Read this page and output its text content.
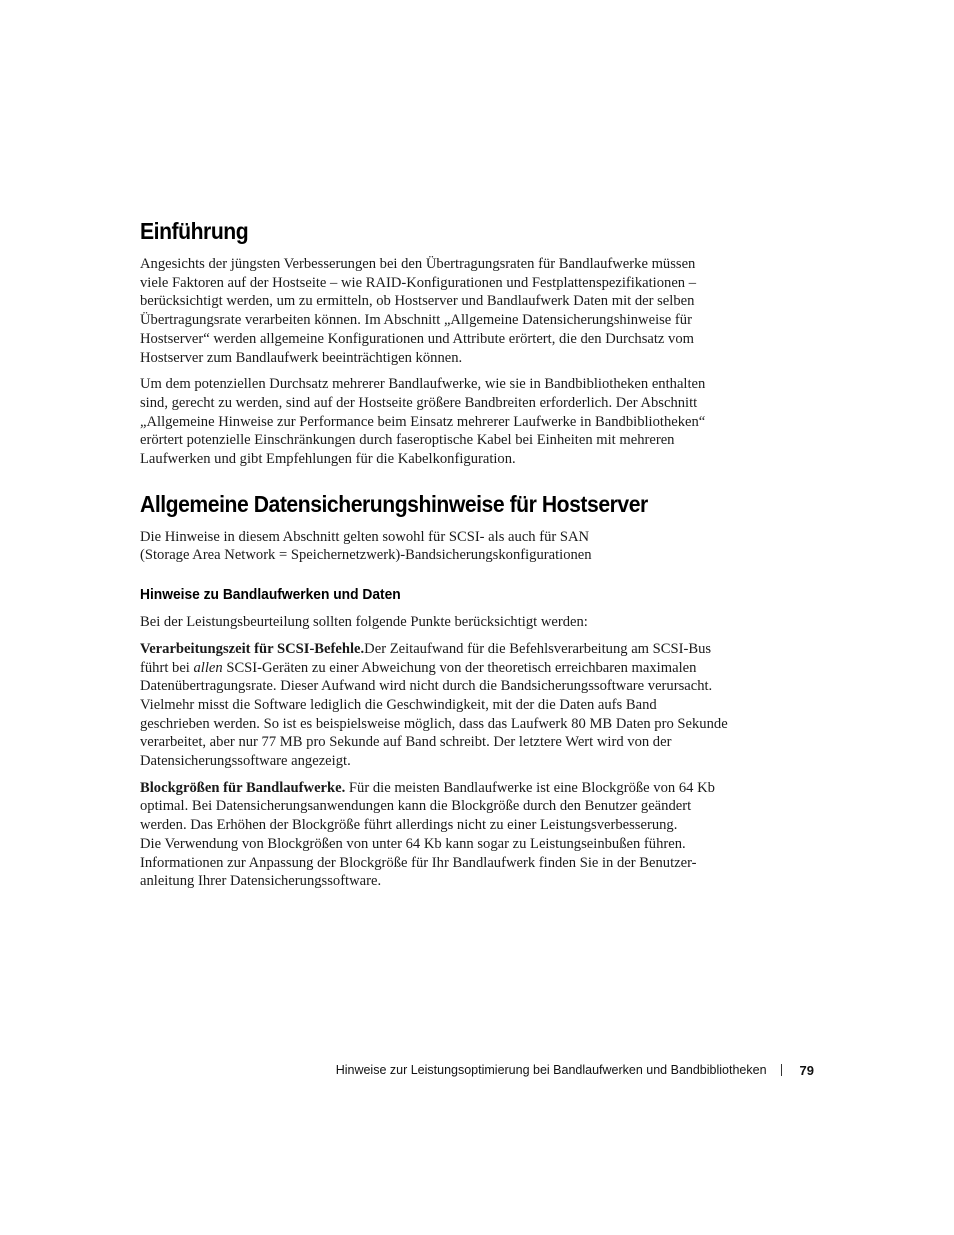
Einführung

Angesichts der jüngsten Verbesserungen bei den Übertragungsraten für Bandlaufwerke müssen
viele Faktoren auf der Hostseite – wie RAID-Konfigurationen und Festplattenspezifikationen –
berücksichtigt werden, um zu ermitteln, ob Hostserver und Bandlaufwerk Daten mit der selben
Übertragungsrate verarbeiten können. Im Abschnitt „Allgemeine Datensicherungshinweise für
Hostserver“ werden allgemeine Konfigurationen und Attribute erörtert, die den Durchsatz vom
Hostserver zum Bandlaufwerk beeinträchtigen können.

Um dem potenziellen Durchsatz mehrerer Bandlaufwerke, wie sie in Bandbibliotheken enthalten
sind, gerecht zu werden, sind auf der Hostseite größere Bandbreiten erforderlich. Der Abschnitt
„Allgemeine Hinweise zur Performance beim Einsatz mehrerer Laufwerke in Bandbibliotheken“
erörtert potenzielle Einschränkungen durch faseroptische Kabel bei Einheiten mit mehreren
Laufwerken und gibt Empfehlungen für die Kabelkonfiguration.

Allgemeine Datensicherungshinweise für Hostserver

Die Hinweise in diesem Abschnitt gelten sowohl für SCSI- als auch für SAN
(Storage Area Network = Speichernetzwerk)-Bandsicherungskonfigurationen

Hinweise zu Bandlaufwerken und Daten

Bei der Leistungsbeurteilung sollten folgende Punkte berücksichtigt werden:

Verarbeitungszeit für SCSI-Befehle.Der Zeitaufwand für die Befehlsverarbeitung am SCSI-Bus
führt bei allen SCSI-Geräten zu einer Abweichung von der theoretisch erreichbaren maximalen
Datenübertragungsrate. Dieser Aufwand wird nicht durch die Bandsicherungssoftware verursacht.
Vielmehr misst die Software lediglich die Geschwindigkeit, mit der die Daten aufs Band
geschrieben werden. So ist es beispielsweise möglich, dass das Laufwerk 80 MB Daten pro Sekunde
verarbeitet, aber nur 77 MB pro Sekunde auf Band schreibt. Der letztere Wert wird von der
Datensicherungssoftware angezeigt.

Blockgrößen für Bandlaufwerke. Für die meisten Bandlaufwerke ist eine Blockgröße von 64 Kb
optimal. Bei Datensicherungsanwendungen kann die Blockgröße durch den Benutzer geändert
werden. Das Erhöhen der Blockgröße führt allerdings nicht zu einer Leistungsverbesserung.
Die Verwendung von Blockgrößen von unter 64 Kb kann sogar zu Leistungseinbußen führen.
Informationen zur Anpassung der Blockgröße für Ihr Bandlaufwerk finden Sie in der Benutzer-
anleitung Ihrer Datensicherungssoftware.

Hinweise zur Leistungsoptimierung bei Bandlaufwerken und Bandbibliotheken	79
